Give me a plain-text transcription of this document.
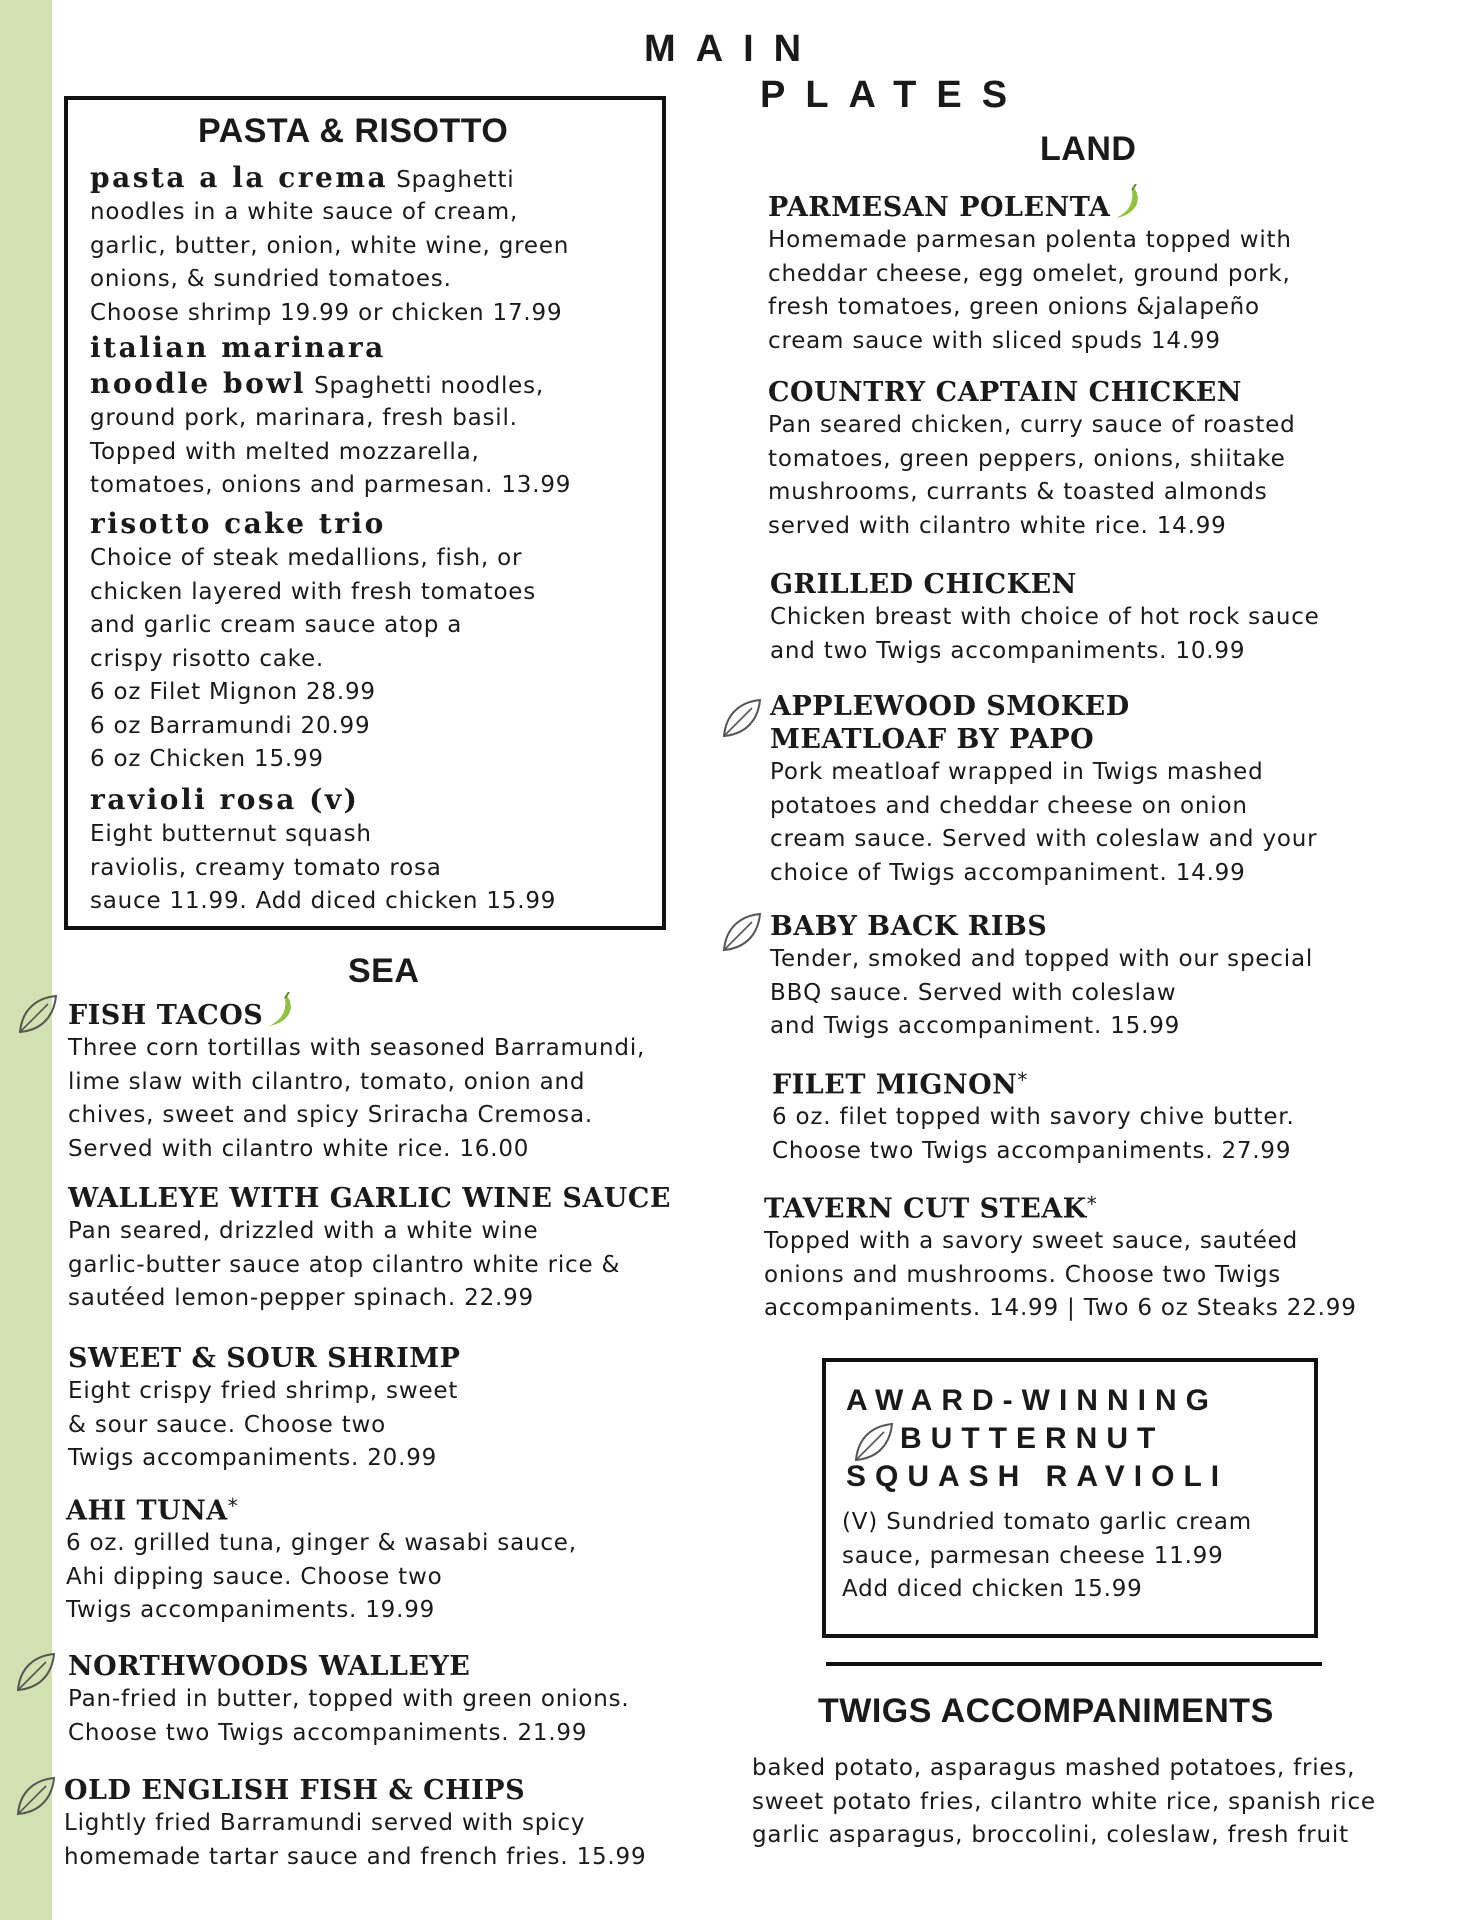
MAIN
PLATES
PASTA & RISOTTO
pasta a la crema Spaghetti

noodles in a white sauce of cream,
garlic, butter, onion, white wine, green
onions, & sundried tomatoes.
Choose shrimp 19.99 or chicken 17.99

italian marinara
noodle bowl Spaghetti noodles,

ground pork, marinara, fresh basil.
Topped with melted mozzarella,
tomatoes, onions and parmesan. 13.99

risotto cake trio

Choice of steak medallions, fish, or
chicken layered with fresh tomatoes
and garlic cream sauce atop a
crispy risotto cake.
6 oz Filet Mignon 28.99
6 oz Barramundi 20.99
6 oz Chicken 15.99

ravioli rosa (v)

Eight butternut squash
raviolis, creamy tomato rosa
sauce 11.99. Add diced chicken 15.99

SEA
FISH TACOS

Three corn tortillas with seasoned Barramundi,
lime slaw with cilantro, tomato, onion and
chives, sweet and spicy Sriracha Cremosa.
Served with cilantro white rice. 16.00

WALLEYE WITH GARLIC WINE SAUCE

Pan seared, drizzled with a white wine
garlic-butter sauce atop cilantro white rice &
sautéed lemon-pepper spinach. 22.99

SWEET & SOUR SHRIMP

Eight crispy fried shrimp, sweet
& sour sauce. Choose two
Twigs accompaniments. 20.99

AHI TUNA*

6 oz. grilled tuna, ginger & wasabi sauce,
Ahi dipping sauce. Choose two
Twigs accompaniments. 19.99

NORTHWOODS WALLEYE

Pan-fried in butter, topped with green onions.
Choose two Twigs accompaniments. 21.99

OLD ENGLISH FISH & CHIPS

Lightly fried Barramundi served with spicy
homemade tartar sauce and french fries. 15.99

LAND
PARMESAN POLENTA

Homemade parmesan polenta topped with
cheddar cheese, egg omelet, ground pork,
fresh tomatoes, green onions &jalapeño
cream sauce with sliced spuds 14.99

COUNTRY CAPTAIN CHICKEN

Pan seared chicken, curry sauce of roasted
tomatoes, green peppers, onions, shiitake
mushrooms, currants & toasted almonds
served with cilantro white rice. 14.99

GRILLED CHICKEN

Chicken breast with choice of hot rock sauce
and two Twigs accompaniments. 10.99

APPLEWOOD SMOKED
MEATLOAF BY PAPO

Pork meatloaf wrapped in Twigs mashed
potatoes and cheddar cheese on onion
cream sauce. Served with coleslaw and your
choice of Twigs accompaniment. 14.99

BABY BACK RIBS

Tender, smoked and topped with our special
BBQ sauce. Served with coleslaw
and Twigs accompaniment. 15.99

FILET MIGNON*

6 oz. filet topped with savory chive butter.
Choose two Twigs accompaniments. 27.99

TAVERN CUT STEAK*

Topped with a savory sweet sauce, sautéed
onions and mushrooms. Choose two Twigs
accompaniments. 14.99 | Two 6 oz Steaks 22.99

AWARD-WINNING
BUTTERNUT
SQUASH RAVIOLI

(V) Sundried tomato garlic cream
sauce, parmesan cheese 11.99
Add diced chicken 15.99

TWIGS ACCOMPANIMENTS

baked potato, asparagus mashed potatoes, fries,
sweet potato fries, cilantro white rice, spanish rice
garlic asparagus, broccolini, coleslaw, fresh fruit
